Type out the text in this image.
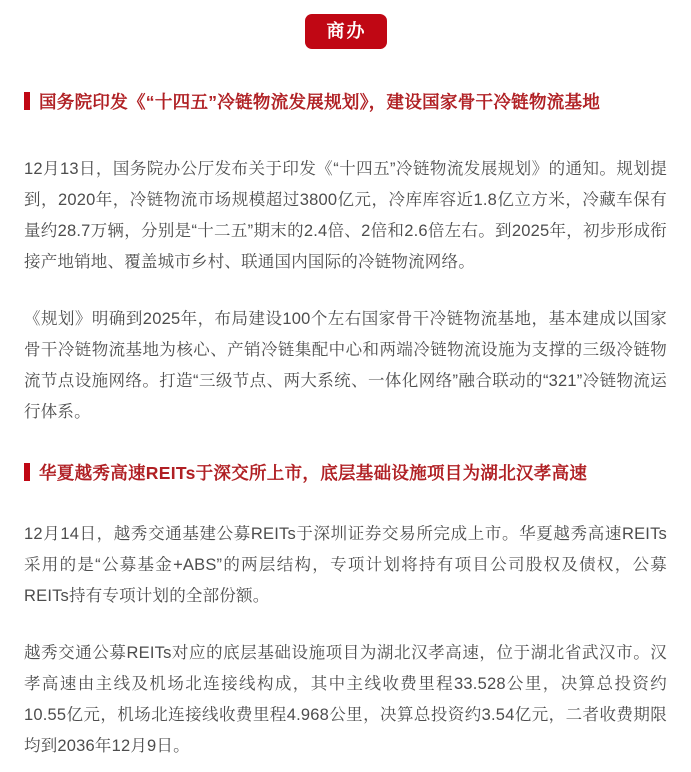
商办
国务院印发《“十四五”冷链物流发展规划》，建设国家骨干冷链物流基地

12月13日，国务院办公厅发布关于印发《“十四五”冷链物流发展规划》的通知。规划提到，2020年，冷链物流市场规模超过3800亿元，冷库库容近1.8亿立方米，冷藏车保有量约28.7万辆，分别是“十二五”期末的2.4倍、2倍和2.6倍左右。到2025年，初步形成衔接产地销地、覆盖城市乡村、联通国内国际的冷链物流网络。

《规划》明确到2025年，布局建设100个左右国家骨干冷链物流基地，基本建成以国家骨干冷链物流基地为核心、产销冷链集配中心和两端冷链物流设施为支撑的三级冷链物流节点设施网络。打造“三级节点、两大系统、一体化网络”融合联动的“321”冷链物流运行体系。

华夏越秀高速REITs于深交所上市，底层基础设施项目为湖北汉孝高速

12月14日，越秀交通基建公募REITs于深圳证券交易所完成上市。华夏越秀高速REITs采用的是“公募基金+ABS”的两层结构，专项计划将持有项目公司股权及债权，公募REITs持有专项计划的全部份额。

越秀交通公募REITs对应的底层基础设施项目为湖北汉孝高速，位于湖北省武汉市。汉孝高速由主线及机场北连接线构成，其中主线收费里程33.528公里，决算总投资约10.55亿元，机场北连接线收费里程4.968公里，决算总投资约3.54亿元，二者收费期限均到2036年12月9日。
